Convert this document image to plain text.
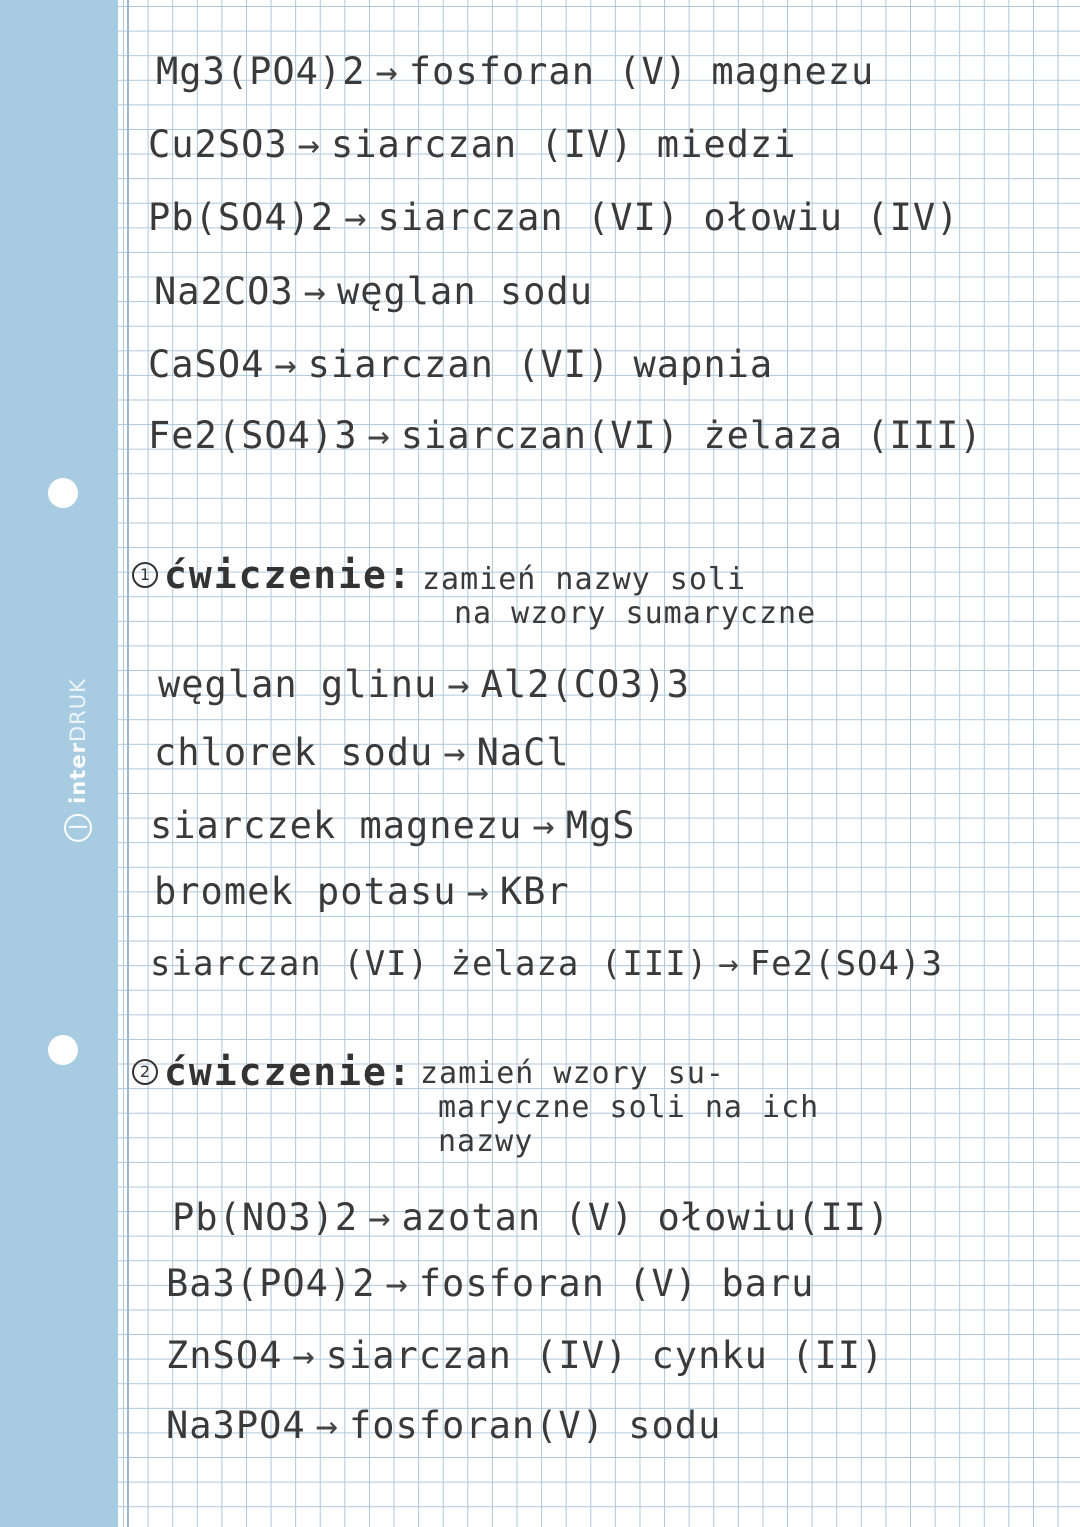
inter
DRUK
Mg3(PO4)2 → fosforan (V) magnezu
Cu2SO3 → siarczan (IV) miedzi
Pb(SO4)2 → siarczan (VI) ołowiu (IV)
Na2CO3 → węglan sodu
CaSO4 → siarczan (VI) wapnia
Fe2(SO4)3 → siarczan(VI) żelaza (III)
1 ćwiczenie: zamień nazwy soli
na wzory sumaryczne
węglan glinu → Al2(CO3)3
chlorek sodu → NaCl
siarczek magnezu → MgS
bromek potasu → KBr
siarczan (VI) żelaza (III) → Fe2(SO4)3
2 ćwiczenie: zamień wzory su-
maryczne soli na ich
nazwy
Pb(NO3)2 → azotan (V) ołowiu(II)
Ba3(PO4)2 → fosforan (V) baru
ZnSO4 → siarczan (IV) cynku (II)
Na3PO4 → fosforan(V) sodu
